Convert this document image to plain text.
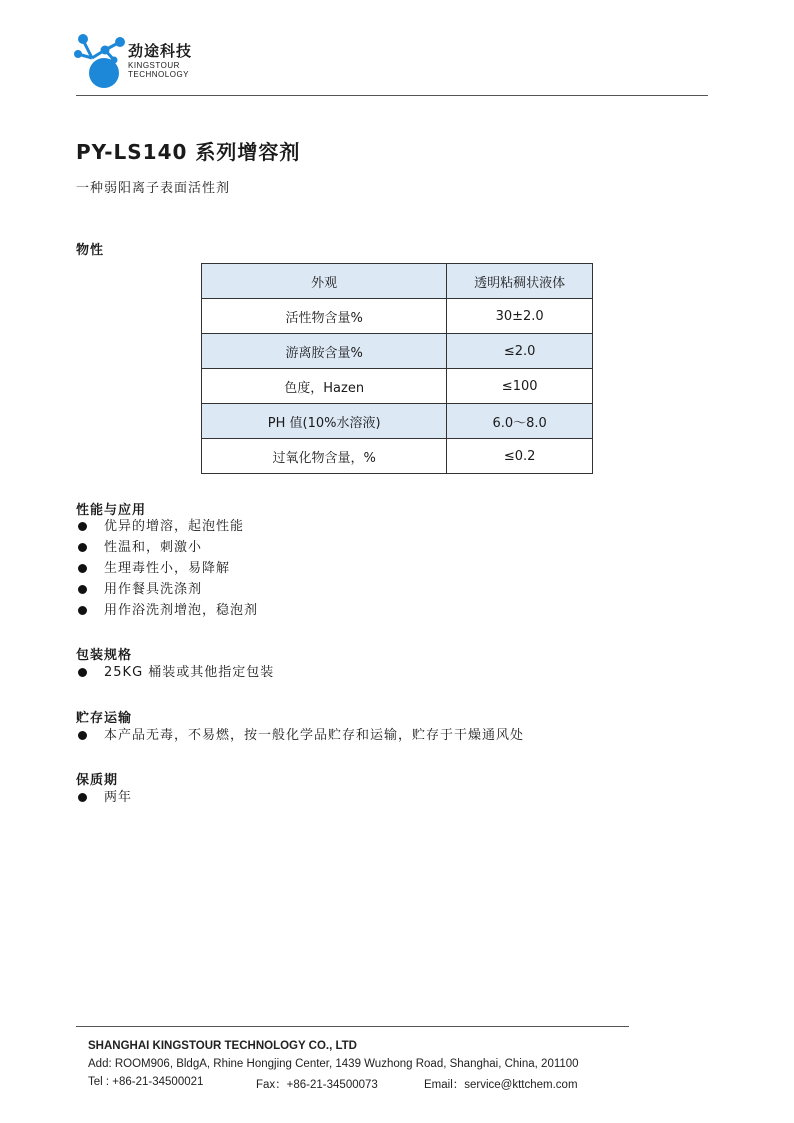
劲途科技
KINGSTOUR
TECHNOLOGY
PY-LS140 系列增容剂
一种弱阳离子表面活性剂
物性
外观	透明粘稠状液体
活性物含量%	30±2.0
游离胺含量%	≤2.0
色度，Hazen	≤100
PH 值(10%水溶液)	6.0～8.0
过氧化物含量，%	≤0.2
性能与应用
优异的增溶，起泡性能
性温和，刺激小
生理毒性小，易降解
用作餐具洗涤剂
用作浴洗剂增泡，稳泡剂
包装规格
25KG 桶装或其他指定包装
贮存运输
本产品无毒，不易燃，按一般化学品贮存和运输，贮存于干燥通风处
保质期
两年
SHANGHAI KINGSTOUR TECHNOLOGY CO., LTD
Add: ROOM906, BldgA, Rhine Hongjing Center, 1439 Wuzhong Road, Shanghai, China, 201100
Tel : +86-21-34500021	Fax：+86-21-34500073	Email：service@kttchem.com
